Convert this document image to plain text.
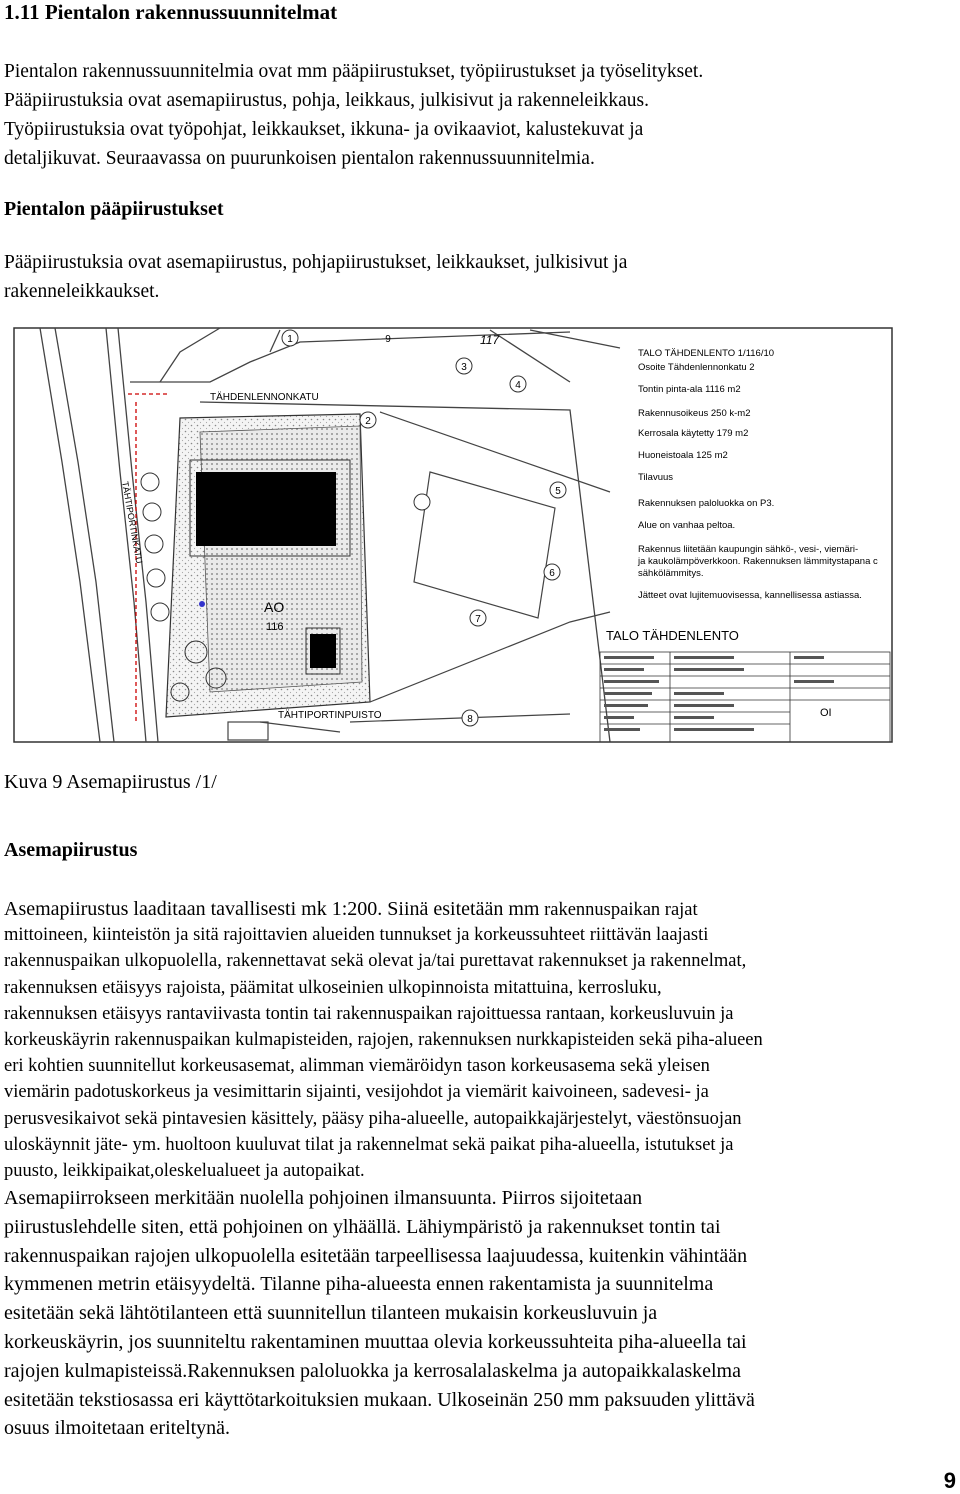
1.11 Pientalon rakennussuunnitelmat
Pientalon rakennussuunnitelmia ovat mm pääpiirustukset, työpiirustukset ja työselitykset.
Pääpiirustuksia ovat asemapiirustus, pohja, leikkaus, julkisivut ja rakenneleikkaus.
Työpiirustuksia ovat työpohjat, leikkaukset, ikkuna- ja ovikaaviot, kalustekuvat ja
detaljikuvat. Seuraavassa on puurunkoisen pientalon rakennussuunnitelmia.
Pientalon pääpiirustukset
Pääpiirustuksia ovat asemapiirustus, pohjapiirustukset, leikkaukset, julkisivut ja
rakenneleikkaukset.
1	9
2
3
4
5
6
7
8
117
TÄHDENLENNONKATU
TÄHTIPORTINPUISTO
TÄHTIPORTINKATU
AO
116
TALO TÄHDENLENTO 1/116/10
Osoite Tähdenlennonkatu 2
Tontin pinta-ala 1116 m2
Rakennusoikeus 250 k-m2
Kerrosala käytetty 179 m2
Huoneistoala 125 m2
Tilavuus
Rakennuksen paloluokka on P3.
Alue on vanhaa peltoa.
Rakennus liitetään kaupungin sähkö-, vesi-, viemäri-
ja kaukolämpöverkkoon. Rakennuksen lämmitystapana c
sähkölämmitys.
Jätteet ovat lujitemuovisessa, kannellisessa astiassa.
TALO TÄHDENLENTO
OI
Kuva 9 Asemapiirustus /1/
Asemapiirustus
Asemapiirustus laaditaan tavallisesti mk 1:200. Siinä esitetään mm rakennuspaikan rajat
mittoineen, kiinteistön ja sitä rajoittavien alueiden tunnukset ja korkeussuhteet riittävän laajasti
rakennuspaikan ulkopuolella, rakennettavat sekä olevat ja/tai purettavat rakennukset ja rakennelmat,
rakennuksen etäisyys rajoista, päämitat ulkoseinien ulkopinnoista mitattuina, kerrosluku,
rakennuksen etäisyys rantaviivasta tontin tai rakennuspaikan rajoittuessa rantaan, korkeusluvuin ja
korkeuskäyrin rakennuspaikan kulmapisteiden, rajojen, rakennuksen nurkkapisteiden sekä piha-alueen
eri kohtien suunnitellut korkeusasemat, alimman viemäröidyn tason korkeusasema sekä yleisen
viemärin padotuskorkeus ja vesimittarin sijainti, vesijohdot ja viemärit kaivoineen, sadevesi- ja
perusvesikaivot sekä pintavesien käsittely, pääsy piha-alueelle, autopaikkajärjestelyt, väestönsuojan
uloskäynnit jäte- ym. huoltoon kuuluvat tilat ja rakennelmat sekä paikat piha-alueella, istutukset ja
puusto, leikkipaikat,oleskelualueet ja autopaikat.
Asemapiirrokseen merkitään nuolella pohjoinen ilmansuunta. Piirros sijoitetaan
piirustuslehdelle siten, että pohjoinen on ylhäällä. Lähiympäristö ja rakennukset tontin tai
rakennuspaikan rajojen ulkopuolella esitetään tarpeellisessa laajuudessa, kuitenkin vähintään
kymmenen metrin etäisyydeltä. Tilanne piha-alueesta ennen rakentamista ja suunnitelma
esitetään sekä lähtötilanteen että suunnitellun tilanteen mukaisin korkeusluvuin ja
korkeuskäyrin, jos suunniteltu rakentaminen muuttaa olevia korkeussuhteita piha-alueella tai
rajojen kulmapisteissä.Rakennuksen paloluokka ja kerrosalalaskelma ja autopaikkalaskelma
esitetään tekstiosassa eri käyttötarkoituksien mukaan. Ulkoseinän 250 mm paksuuden ylittävä
osuus ilmoitetaan eriteltynä.
9
